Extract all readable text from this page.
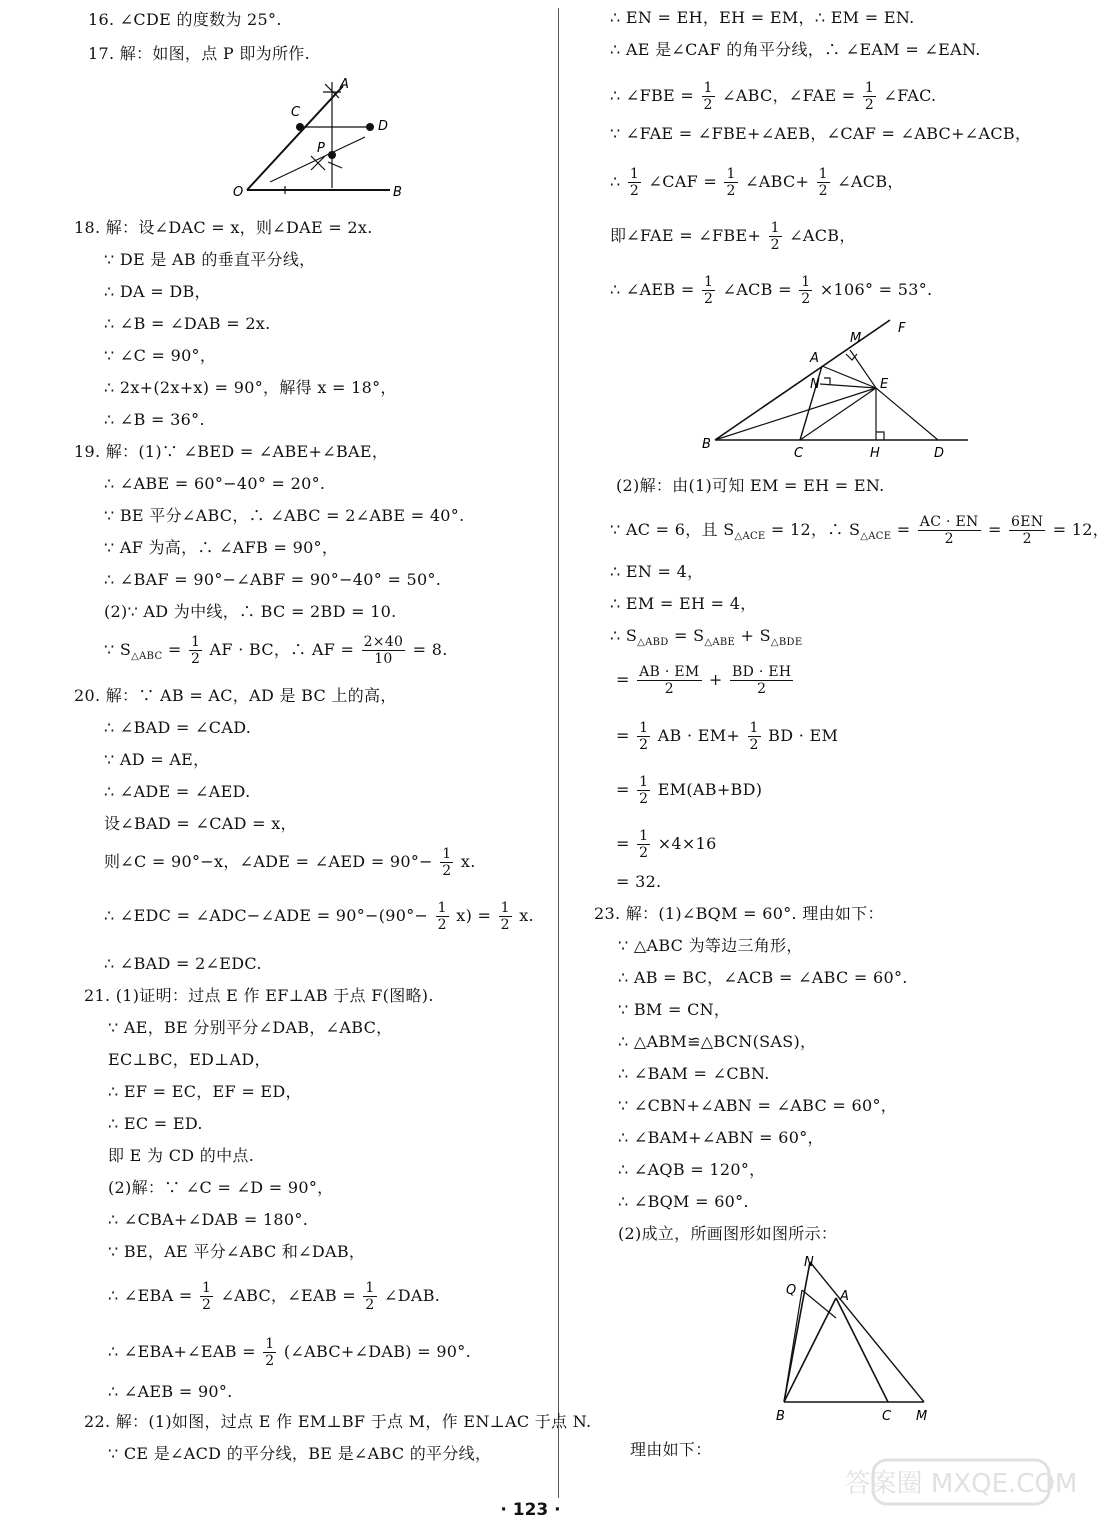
16. ∠CDE 的度数为 25°.
17. 解：如图，点 P 即为所作.
O	B
A
C
D
P
18. 解：设∠DAC = x，则∠DAE = 2x.
∵ DE 是 AB 的垂直平分线，
∴ DA = DB，
∴ ∠B = ∠DAB = 2x.
∵ ∠C = 90°，
∴ 2x+(2x+x) = 90°，解得 x = 18°，
∴ ∠B = 36°.
19. 解：(1)∵ ∠BED = ∠ABE+∠BAE，
∴ ∠ABE = 60°−40° = 20°.
∵ BE 平分∠ABC，∴ ∠ABC = 2∠ABE = 40°.
∵ AF 为高，∴ ∠AFB = 90°，
∴ ∠BAF = 90°−∠ABF = 90°−40° = 50°.
(2)∵ AD 为中线，∴ BC = 2BD = 10.
∵ $S_{\triangle ABC} = \frac{1}{2}$ AF · BC，∴ AF = $\frac{2\times 40}{10} = 8$.
20. 解：∵ AB = AC，AD 是 BC 上的高，
∴ ∠BAD = ∠CAD.
∵ AD = AE，
∴ ∠ADE = ∠AED.
设∠BAD = ∠CAD = x，
则∠C = 90°−x，∠ADE = ∠AED = $90^\circ- \frac{1}{2} x$.
∴ ∠EDC = ∠ADC−∠ADE = $90^\circ-(90^\circ- \frac{1}{2} x) = \frac{1}{2} x$.
∴ ∠BAD = 2∠EDC.
21. (1)证明：过点 E 作 EF⊥AB 于点 F(图略).
∵ AE，BE 分别平分∠DAB，∠ABC，
EC⊥BC，ED⊥AD，
∴ EF = EC，EF = ED，
∴ EC = ED.
即 E 为 CD 的中点.
(2)解：∵ ∠C = ∠D = 90°，
∴ ∠CBA+∠DAB = 180°.
∵ BE，AE 平分∠ABC 和∠DAB，
∴ ∠EBA = $\frac{1}{2}$ ∠ABC，∠EAB = $\frac{1}{2}$ ∠DAB.
∴ ∠EBA+∠EAB = $\frac{1}{2}$ (∠ABC+∠DAB) = 90°.
∴ ∠AEB = 90°.
22. 解：(1)如图，过点 E 作 EM⊥BF 于点 M，作 EN⊥AC 于点 N.
∵ CE 是∠ACD 的平分线，BE 是∠ABC 的平分线，
∴ EN = EH，EH = EM，∴ EM = EN.
∴ AE 是∠CAF 的角平分线，∴ ∠EAM = ∠EAN.
∴ ∠FBE = $\frac{1}{2}$ ∠ABC，∠FAE = $\frac{1}{2}$ ∠FAC.
∵ ∠FAE = ∠FBE+∠AEB，∠CAF = ∠ABC+∠ACB，
∴ $\frac{1}{2}$ ∠CAF = $\frac{1}{2}$ ∠ABC+ $\frac{1}{2}$ ∠ACB，
即∠FAE = ∠FBE+ $\frac{1}{2}$ ∠ACB，
∴ ∠AEB = $\frac{1}{2}$ ∠ACB = $\frac{1}{2} \times 106^\circ = 53^\circ$.
M
F
A
N	E
B
C	H	D
(2)解：由(1)可知 EM = EH = EN.
∵ AC = 6，且 $S_{\triangle ACE} = 12$，∴ $S_{\triangle ACE} = \frac{AC \cdot EN}{2} = \frac{6EN}{2} = 12$，
∴ EN = 4，
∴ EM = EH = 4，
∴ $S_{\triangle ABD} = S_{\triangle ABE} + S_{\triangle BDE}$
= $\frac{AB \cdot EM}{2} + \frac{BD \cdot EH}{2}$
= $\frac{1}{2}$ AB · $EM+ \frac{1}{2}$ BD · EM
= $\frac{1}{2} EM(AB+BD)$
= $\frac{1}{2} \times 4\times 16$
= 32.
23. 解：(1)∠BQM = 60°. 理由如下：
∵ △ABC 为等边三角形，
∴ AB = BC，∠ACB = ∠ABC = 60°.
∵ BM = CN，
∴ △ABM≌△BCN(SAS)，
∴ ∠BAM = ∠CBN.
∵ ∠CBN+∠ABN = ∠ABC = 60°，
∴ ∠BAM+∠ABN = 60°，
∴ ∠AQB = 120°，
∴ ∠BQM = 60°.
(2)成立，所画图形如图所示：
N
Q	A
B	C M
理由如下：
· 123 ·
答案圈 MXQE.COM
